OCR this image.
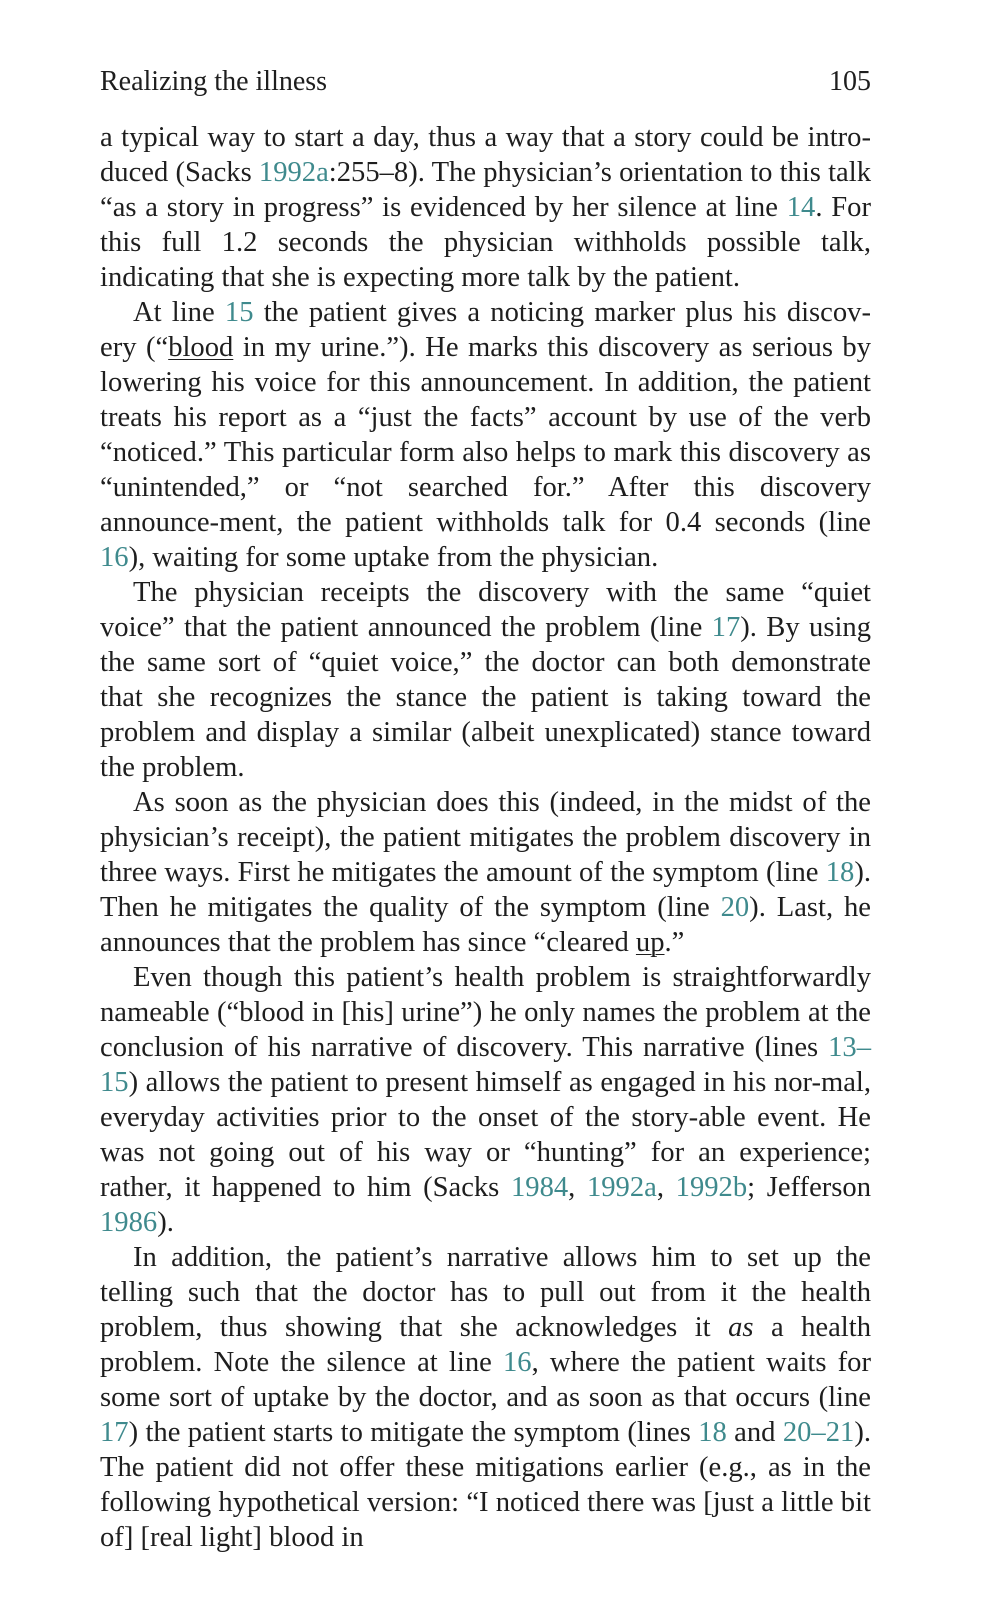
Realizing the illness	105

a typical way to start a day, thus a way that a story could be intro-duced (Sacks 1992a:255–8). The physician’s orientation to this talk “as a story in progress” is evidenced by her silence at line 14. For this full 1.2 seconds the physician withholds possible talk, indicating that she is expecting more talk by the patient.

At line 15 the patient gives a noticing marker plus his discov-ery (“blood in my urine.”). He marks this discovery as serious by lowering his voice for this announcement. In addition, the patient treats his report as a “just the facts” account by use of the verb “noticed.” This particular form also helps to mark this discovery as “unintended,” or “not searched for.” After this discovery announce-ment, the patient withholds talk for 0.4 seconds (line 16), waiting for some uptake from the physician.

The physician receipts the discovery with the same “quiet voice” that the patient announced the problem (line 17). By using the same sort of “quiet voice,” the doctor can both demonstrate that she recognizes the stance the patient is taking toward the problem and display a similar (albeit unexplicated) stance toward the problem.

As soon as the physician does this (indeed, in the midst of the physician’s receipt), the patient mitigates the problem discovery in three ways. First he mitigates the amount of the symptom (line 18). Then he mitigates the quality of the symptom (line 20). Last, he announces that the problem has since “cleared up.”

Even though this patient’s health problem is straightforwardly nameable (“blood in [his] urine”) he only names the problem at the conclusion of his narrative of discovery. This narrative (lines 13–15) allows the patient to present himself as engaged in his nor-mal, everyday activities prior to the onset of the story-able event. He was not going out of his way or “hunting” for an experience; rather, it happened to him (Sacks 1984, 1992a, 1992b; Jefferson 1986).

In addition, the patient’s narrative allows him to set up the telling such that the doctor has to pull out from it the health problem, thus showing that she acknowledges it as a health problem. Note the silence at line 16, where the patient waits for some sort of uptake by the doctor, and as soon as that occurs (line 17) the patient starts to mitigate the symptom (lines 18 and 20–21). The patient did not offer these mitigations earlier (e.g., as in the following hypothetical version: “I noticed there was [just a little bit of] [real light] blood in
